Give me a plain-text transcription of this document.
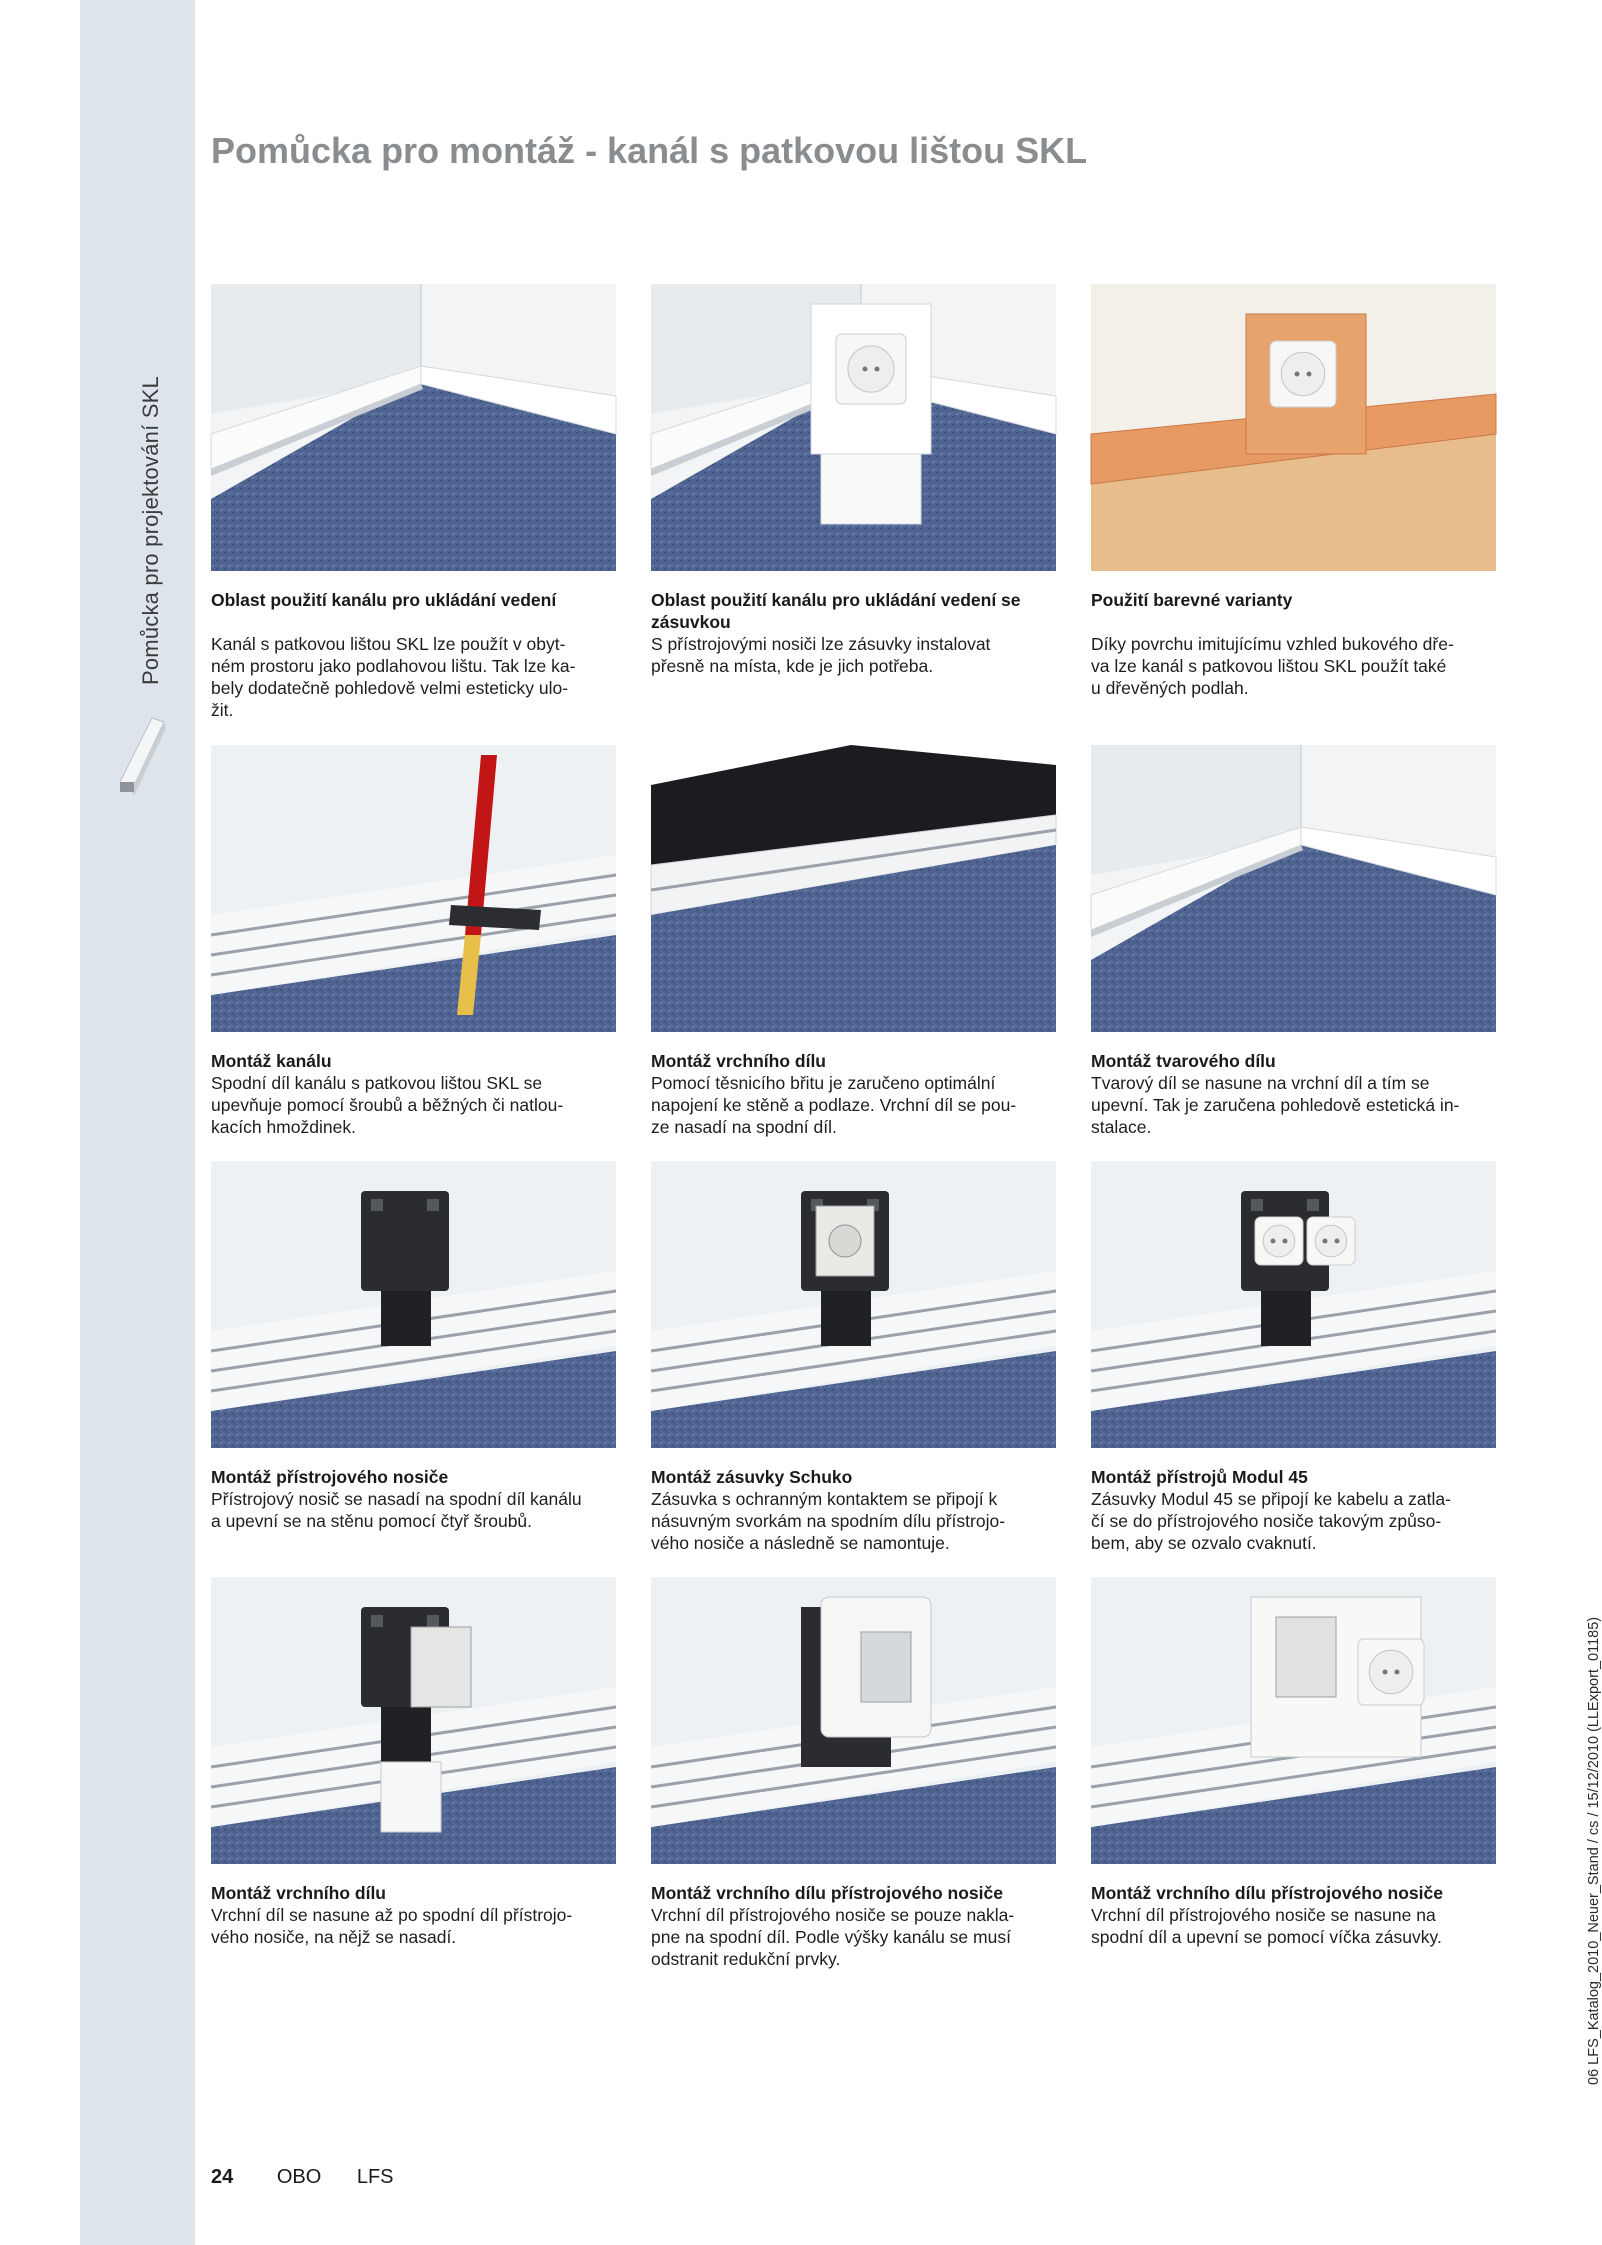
Pomůcka pro projektování SKL
Pomůcka pro montáž - kanál s patkovou lištou SKL
Oblast použití kanálu pro ukládání vedení
Kanál s patkovou lištou SKL lze použít v obyt-
ném prostoru jako podlahovou lištu. Tak lze ka-
bely dodatečně pohledově velmi esteticky ulo-
žit.
Oblast použití kanálu pro ukládání vedení se zásuvkou
S přístrojovými nosiči lze zásuvky instalovat
přesně na místa, kde je jich potřeba.
Použití barevné varianty
Díky povrchu imitujícímu vzhled bukového dře-
va lze kanál s patkovou lištou SKL použít také
u dřevěných podlah.
Montáž kanálu
Spodní díl kanálu s patkovou lištou SKL se
upevňuje pomocí šroubů a běžných či natlou-
kacích hmoždinek.
Montáž vrchního dílu
Pomocí těsnicího břitu je zaručeno optimální
napojení ke stěně a podlaze. Vrchní díl se pou-
ze nasadí na spodní díl.
Montáž tvarového dílu
Tvarový díl se nasune na vrchní díl a tím se
upevní. Tak je zaručena pohledově estetická in-
stalace.
Montáž přístrojového nosiče
Přístrojový nosič se nasadí na spodní díl kanálu
a upevní se na stěnu pomocí čtyř šroubů.
Montáž zásuvky Schuko
Zásuvka s ochranným kontaktem se připojí k
násuvným svorkám na spodním dílu přístrojo-
vého nosiče a následně se namontuje.
Montáž přístrojů Modul 45
Zásuvky Modul 45 se připojí ke kabelu a zatla-
čí se do přístrojového nosiče takovým způso-
bem, aby se ozvalo cvaknutí.
Montáž vrchního dílu
Vrchní díl se nasune až po spodní díl přístrojo-
vého nosiče, na nějž se nasadí.
Montáž vrchního dílu přístrojového nosiče
Vrchní díl přístrojového nosiče se pouze nakla-
pne na spodní díl. Podle výšky kanálu se musí
odstranit redukční prvky.
Montáž vrchního dílu přístrojového nosiče
Vrchní díl přístrojového nosiče se nasune na
spodní díl a upevní se pomocí víčka zásuvky.
24 OBO LFS
06 LFS_Katalog_2010_Neuer_Stand / cs / 15/12/2010 (LLExport_01185)
